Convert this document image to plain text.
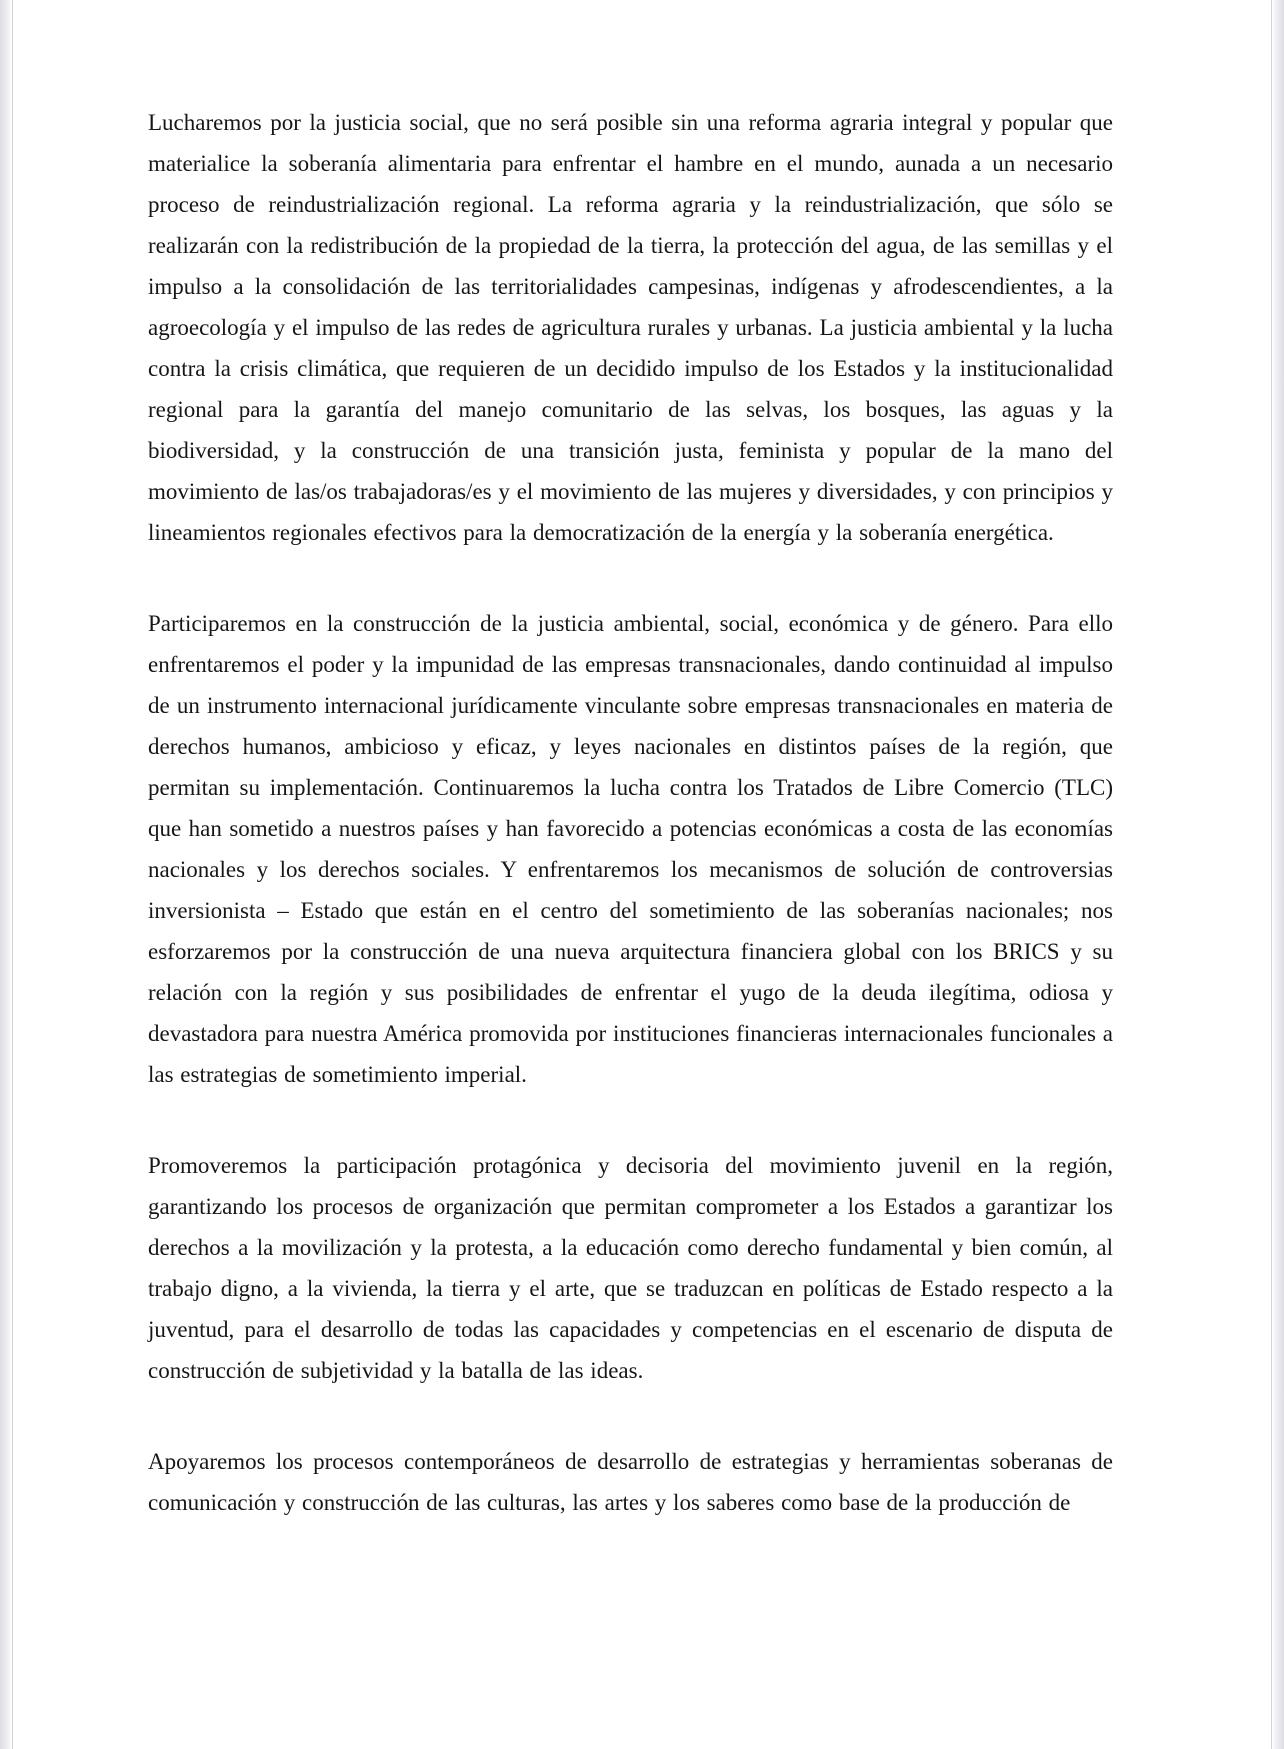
Lucharemos por la justicia social, que no será posible sin una reforma agraria integral y popular que materialice la soberanía alimentaria para enfrentar el hambre en el mundo, aunada a un necesario proceso de reindustrialización regional. La reforma agraria y la reindustrialización, que sólo se realizarán con la redistribución de la propiedad de la tierra, la protección del agua, de las semillas y el impulso a la consolidación de las territorialidades campesinas, indígenas y afrodescendientes, a la agroecología y el impulso de las redes de agricultura rurales y urbanas. La justicia ambiental y la lucha contra la crisis climática, que requieren de un decidido impulso de los Estados y la institucionalidad regional para la garantía del manejo comunitario de las selvas, los bosques, las aguas y la biodiversidad, y la construcción de una transición justa, feminista y popular de la mano del movimiento de las/os trabajadoras/es y el movimiento de las mujeres y diversidades, y con principios y lineamientos regionales efectivos para la democratización de la energía y la soberanía energética.

Participaremos en la construcción de la justicia ambiental, social, económica y de género. Para ello enfrentaremos el poder y la impunidad de las empresas transnacionales, dando continuidad al impulso de un instrumento internacional jurídicamente vinculante sobre empresas transnacionales en materia de derechos humanos, ambicioso y eficaz, y leyes nacionales en distintos países de la región, que permitan su implementación. Continuaremos la lucha contra los Tratados de Libre Comercio (TLC) que han sometido a nuestros países y han favorecido a potencias económicas a costa de las economías nacionales y los derechos sociales. Y enfrentaremos los mecanismos de solución de controversias inversionista – Estado que están en el centro del sometimiento de las soberanías nacionales; nos esforzaremos por la construcción de una nueva arquitectura financiera global con los BRICS y su relación con la región y sus posibilidades de enfrentar el yugo de la deuda ilegítima, odiosa y devastadora para nuestra América promovida por instituciones financieras internacionales funcionales a las estrategias de sometimiento imperial.

Promoveremos la participación protagónica y decisoria del movimiento juvenil en la región, garantizando los procesos de organización que permitan comprometer a los Estados a garantizar los derechos a la movilización y la protesta, a la educación como derecho fundamental y bien común, al trabajo digno, a la vivienda, la tierra y el arte, que se traduzcan en políticas de Estado respecto a la juventud, para el desarrollo de todas las capacidades y competencias en el escenario de disputa de construcción de subjetividad y la batalla de las ideas.

Apoyaremos los procesos contemporáneos de desarrollo de estrategias y herramientas soberanas de comunicación y construcción de las culturas, las artes y los saberes como base de la producción de
